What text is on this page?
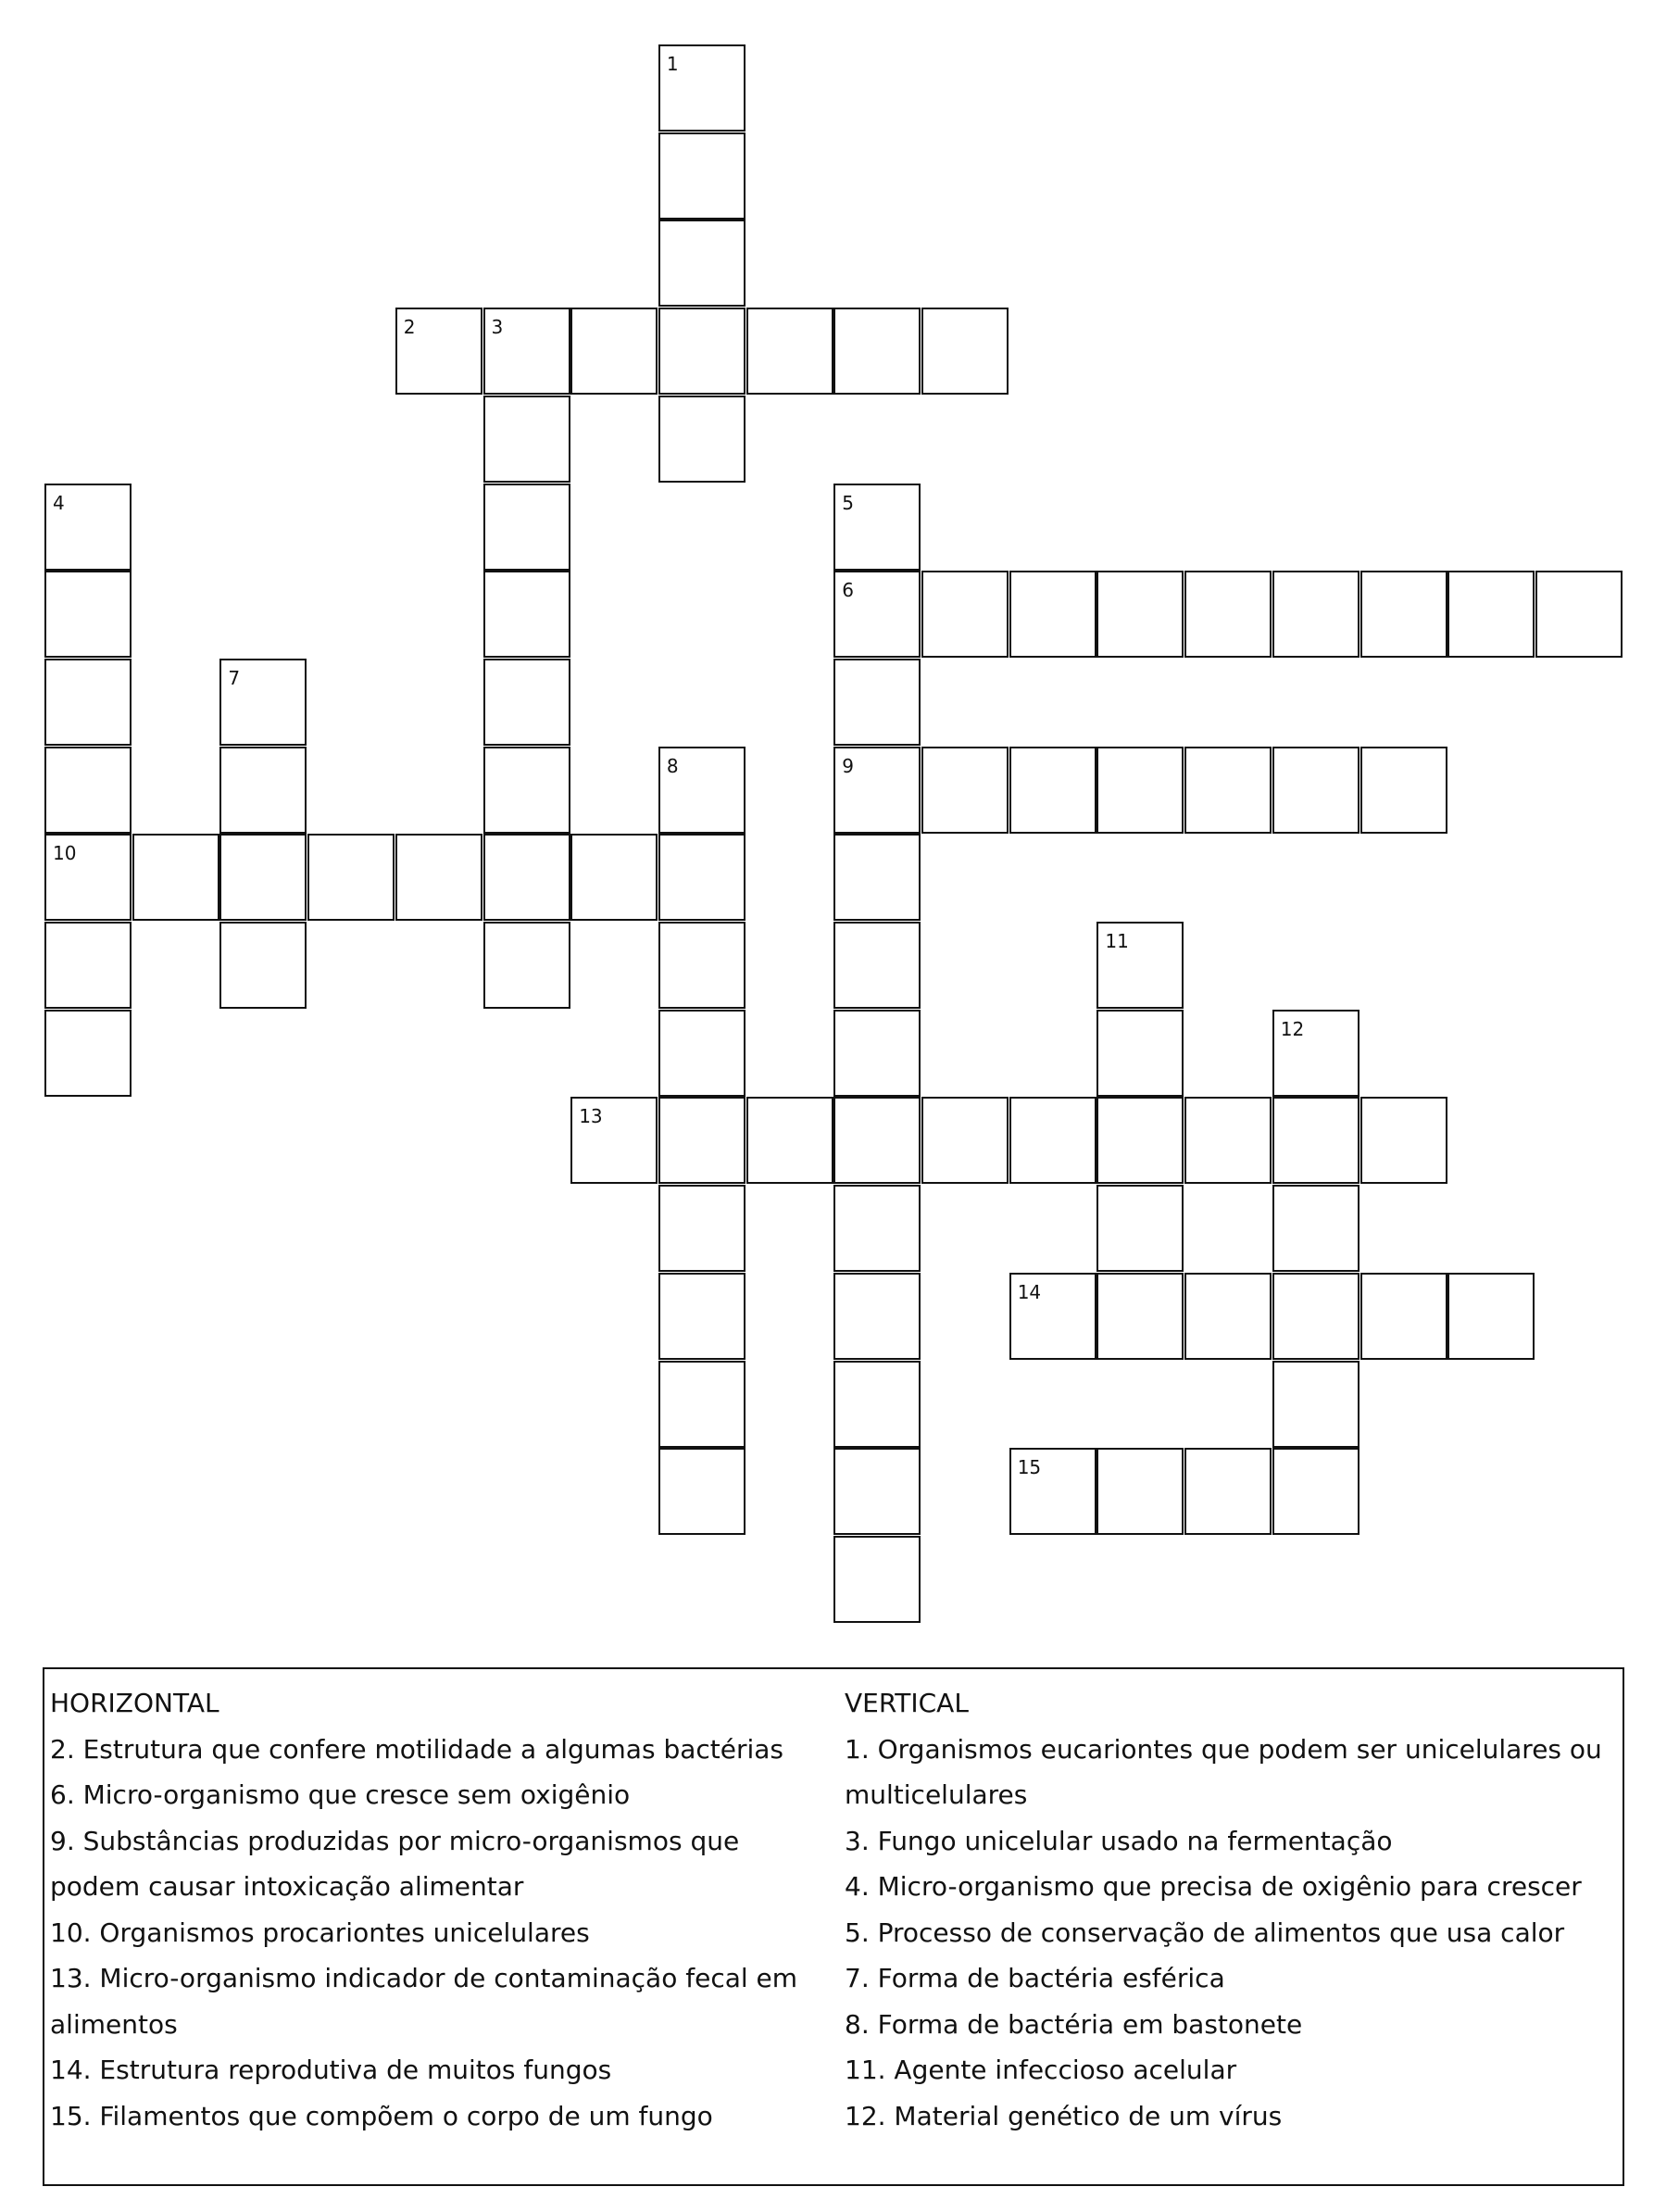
1
2	3
4
10
5
6
9
7
8
11
12
13
14
15

HORIZONTAL

2. Estrutura que confere motilidade a algumas bactérias

6. Micro-organismo que cresce sem oxigênio

9. Substâncias produzidas por micro-organismos que podem causar intoxicação alimentar

10. Organismos procariontes unicelulares

13. Micro-organismo indicador de contaminação fecal em alimentos

14. Estrutura reprodutiva de muitos fungos

15. Filamentos que compõem o corpo de um fungo

VERTICAL

1. Organismos eucariontes que podem ser unicelulares ou multicelulares

3. Fungo unicelular usado na fermentação

4. Micro-organismo que precisa de oxigênio para crescer

5. Processo de conservação de alimentos que usa calor

7. Forma de bactéria esférica

8. Forma de bactéria em bastonete

11. Agente infeccioso acelular

12. Material genético de um vírus
